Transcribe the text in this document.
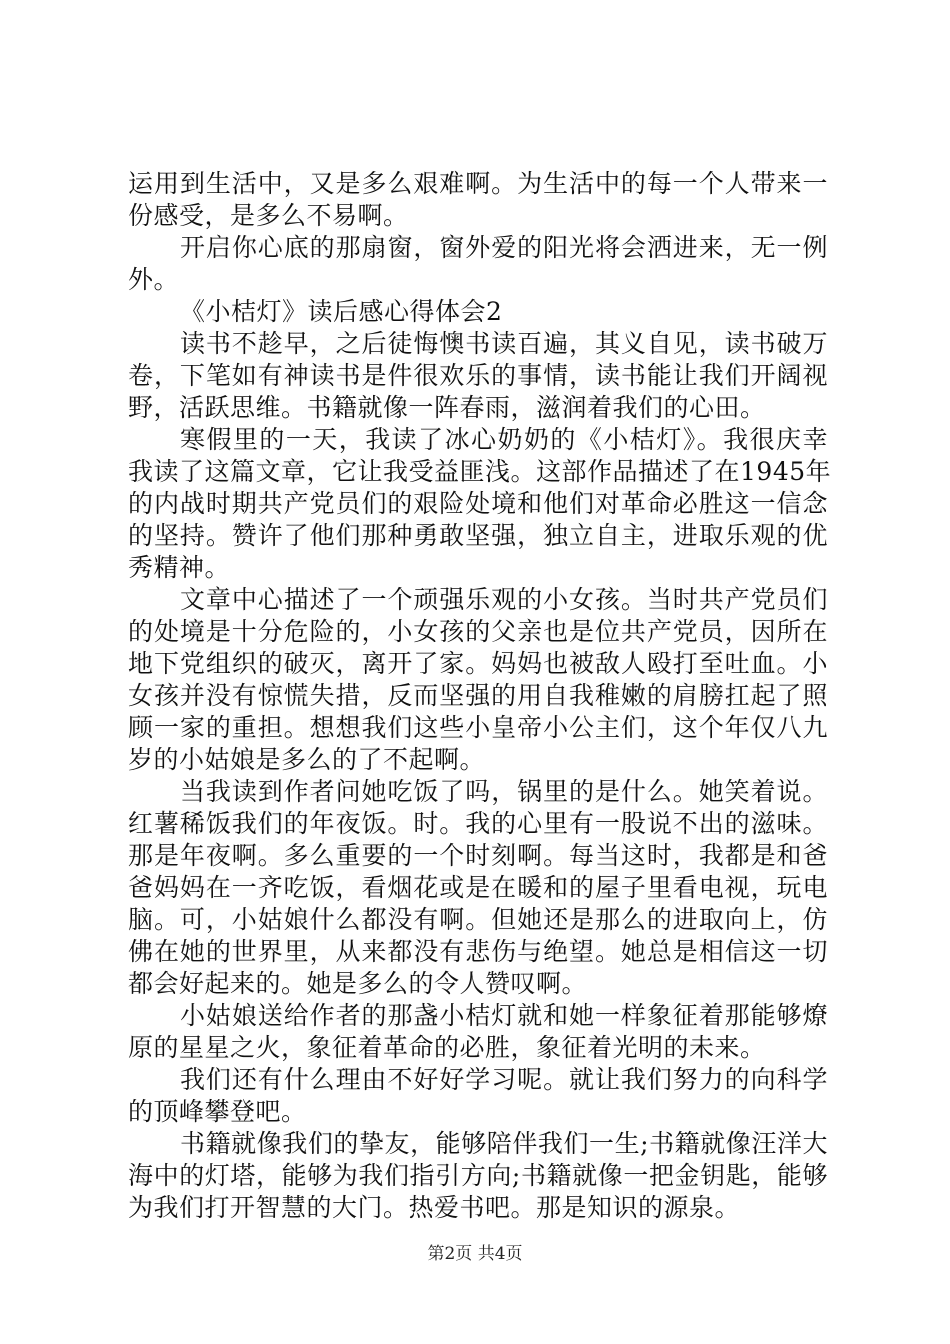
运用到生活中，又是多么艰难啊。为生活中的每一个人带来一
份感受，是多么不易啊。
开启你心底的那扇窗，窗外爱的阳光将会洒进来，无一例
外。
《小桔灯》读后感心得体会2
读书不趁早，之后徒悔懊书读百遍，其义自见，读书破万
卷，下笔如有神读书是件很欢乐的事情，读书能让我们开阔视
野，活跃思维。书籍就像一阵春雨，滋润着我们的心田。
寒假里的一天，我读了冰心奶奶的《小桔灯》。我很庆幸
我读了这篇文章，它让我受益匪浅。这部作品描述了在1945年
的内战时期共产党员们的艰险处境和他们对革命必胜这一信念
的坚持。赞许了他们那种勇敢坚强，独立自主，进取乐观的优
秀精神。
文章中心描述了一个顽强乐观的小女孩。当时共产党员们
的处境是十分危险的，小女孩的父亲也是位共产党员，因所在
地下党组织的破灭，离开了家。妈妈也被敌人殴打至吐血。小
女孩并没有惊慌失措，反而坚强的用自我稚嫩的肩膀扛起了照
顾一家的重担。想想我们这些小皇帝小公主们，这个年仅八九
岁的小姑娘是多么的了不起啊。
当我读到作者问她吃饭了吗，锅里的是什么。她笑着说。
红薯稀饭我们的年夜饭。时。我的心里有一股说不出的滋味。
那是年夜啊。多么重要的一个时刻啊。每当这时，我都是和爸
爸妈妈在一齐吃饭，看烟花或是在暖和的屋子里看电视，玩电
脑。可，小姑娘什么都没有啊。但她还是那么的进取向上，仿
佛在她的世界里，从来都没有悲伤与绝望。她总是相信这一切
都会好起来的。她是多么的令人赞叹啊。
小姑娘送给作者的那盏小桔灯就和她一样象征着那能够燎
原的星星之火，象征着革命的必胜，象征着光明的未来。
我们还有什么理由不好好学习呢。就让我们努力的向科学
的顶峰攀登吧。
书籍就像我们的挚友，能够陪伴我们一生;书籍就像汪洋大
海中的灯塔，能够为我们指引方向;书籍就像一把金钥匙，能够
为我们打开智慧的大门。热爱书吧。那是知识的源泉。
第2页 共4页
